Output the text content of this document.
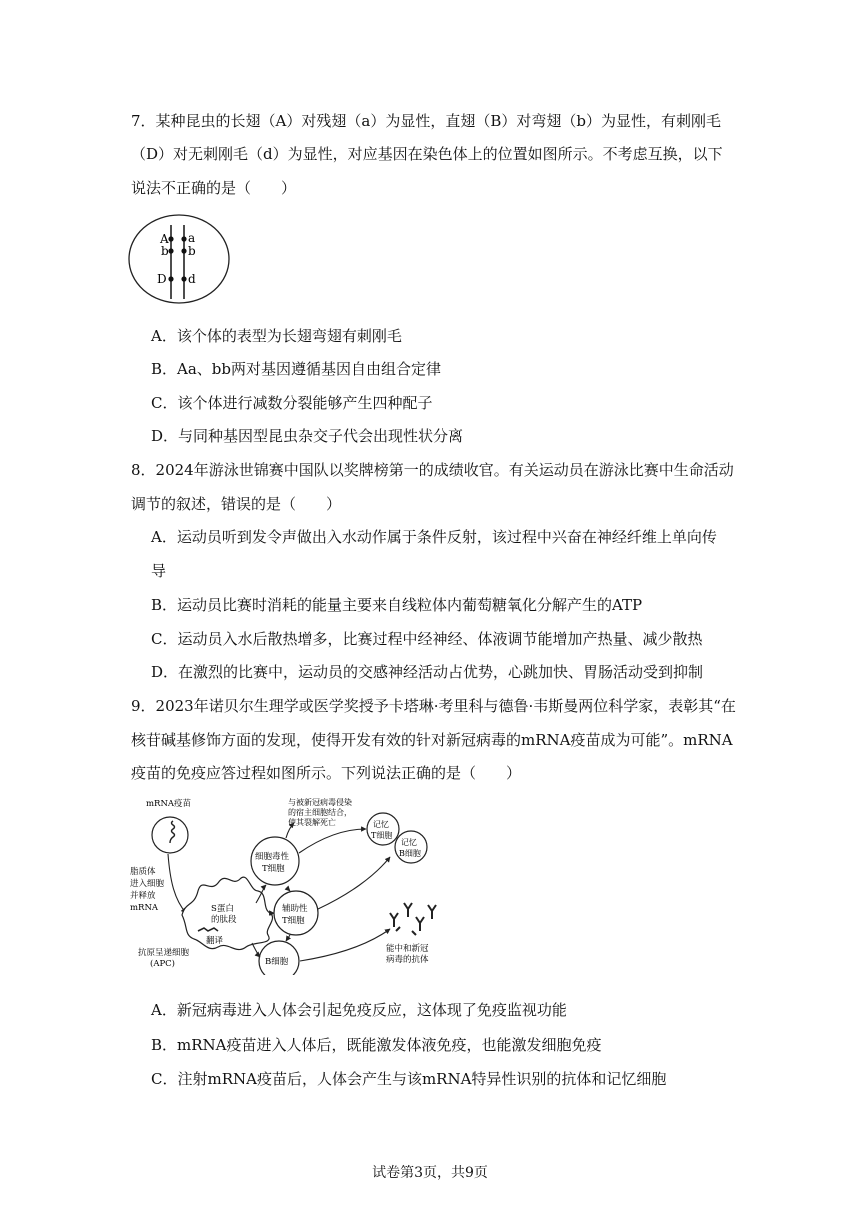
7．某种昆虫的长翅（A）对残翅（a）为显性，直翅（B）对弯翅（b）为显性，有刺刚毛
（D）对无刺刚毛（d）为显性，对应基因在染色体上的位置如图所示。不考虑互换，以下
说法不正确的是（　　）
A a
b b
D d
A．该个体的表型为长翅弯翅有刺刚毛
B．Aa、bb两对基因遵循基因自由组合定律
C．该个体进行减数分裂能够产生四种配子
D．与同种基因型昆虫杂交子代会出现性状分离
8．2024年游泳世锦赛中国队以奖牌榜第一的成绩收官。有关运动员在游泳比赛中生命活动
调节的叙述，错误的是（　　）
A．运动员听到发令声做出入水动作属于条件反射，该过程中兴奋在神经纤维上单向传
导
B．运动员比赛时消耗的能量主要来自线粒体内葡萄糖氧化分解产生的ATP
C．运动员入水后散热增多，比赛过程中经神经、体液调节能增加产热量、减少散热
D．在激烈的比赛中，运动员的交感神经活动占优势，心跳加快、胃肠活动受到抑制
9．2023年诺贝尔生理学或医学奖授予卡塔琳·考里科与德鲁·韦斯曼两位科学家，表彰其“在
核苷碱基修饰方面的发现，使得开发有效的针对新冠病毒的mRNA疫苗成为可能”。mRNA
疫苗的免疫应答过程如图所示。下列说法正确的是（　　）
mRNA疫苗
脂质体
进入细胞
并释放
mRNA	S蛋白
的肽段
翻译
抗原呈递细胞
(APC)
细胞毒性
T细胞
辅助性
T细胞
B细胞
记忆
T细胞
记忆
B细胞
与被新冠病毒侵染
的宿主细胞结合，
使其裂解死亡
能中和新冠
病毒的抗体
A．新冠病毒进入人体会引起免疫反应，这体现了免疫监视功能
B．mRNA疫苗进入人体后，既能激发体液免疫，也能激发细胞免疫
C．注射mRNA疫苗后，人体会产生与该mRNA特异性识别的抗体和记忆细胞
试卷第3页，共9页
